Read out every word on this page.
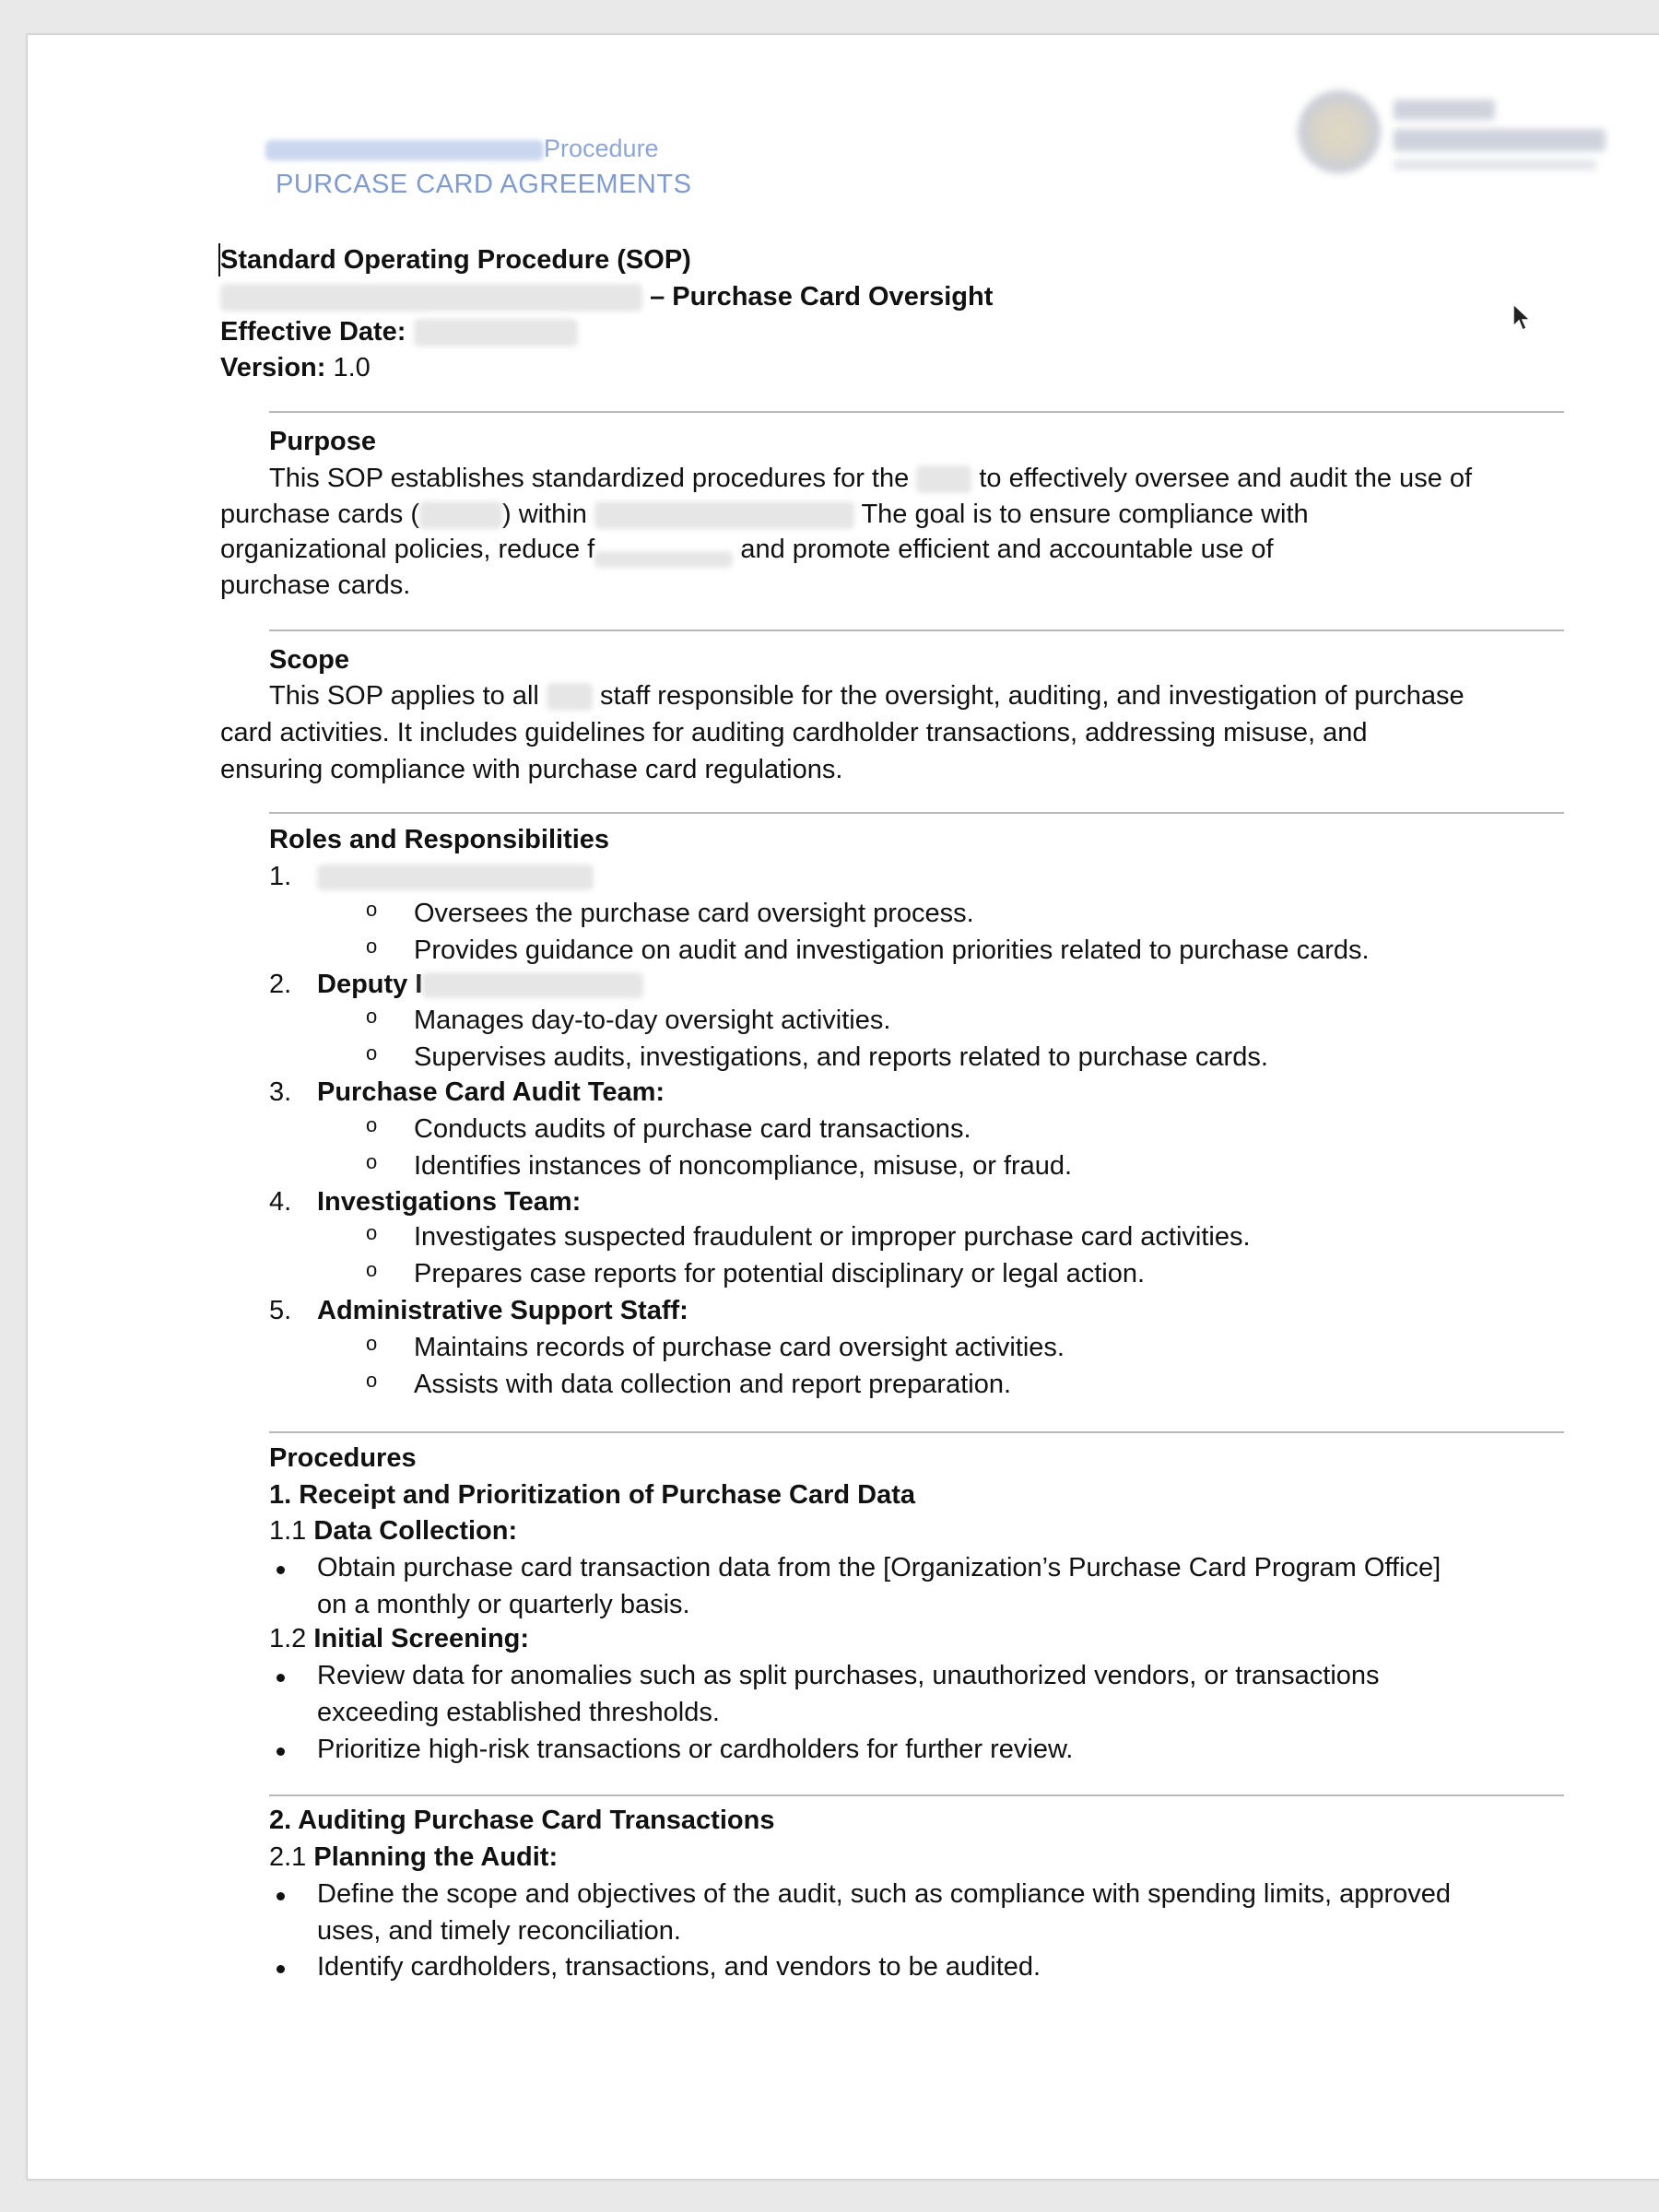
Procedure
PURCASE CARD AGREEMENTS
Standard Operating Procedure (SOP)
– Purchase Card Oversight
Effective Date:
Version: 1.0
Purpose
This SOP establishes standardized procedures for the	to effectively oversee and audit the use of
purchase cards (	) within	The goal is to ensure compliance with
organizational policies, reduce f	and promote efficient and accountable use of
purchase cards.
Scope
This SOP applies to all staff responsible for the oversight, auditing, and investigation of purchase
card activities. It includes guidelines for auditing cardholder transactions, addressing misuse, and
ensuring compliance with purchase card regulations.
Roles and Responsibilities
1.
o Oversees the purchase card oversight process.
o Provides guidance on audit and investigation priorities related to purchase cards.
2. Deputy I
o Manages day-to-day oversight activities.
o Supervises audits, investigations, and reports related to purchase cards.
3. Purchase Card Audit Team:
o Conducts audits of purchase card transactions.
o Identifies instances of noncompliance, misuse, or fraud.
4. Investigations Team:
o Investigates suspected fraudulent or improper purchase card activities.
o Prepares case reports for potential disciplinary or legal action.
5. Administrative Support Staff:
o Maintains records of purchase card oversight activities.
o Assists with data collection and report preparation.
Procedures
1. Receipt and Prioritization of Purchase Card Data
1.1 Data Collection:
Obtain purchase card transaction data from the [Organization’s Purchase Card Program Office]
on a monthly or quarterly basis.
1.2 Initial Screening:
Review data for anomalies such as split purchases, unauthorized vendors, or transactions
exceeding established thresholds.
Prioritize high-risk transactions or cardholders for further review.
2. Auditing Purchase Card Transactions
2.1 Planning the Audit:
Define the scope and objectives of the audit, such as compliance with spending limits, approved
uses, and timely reconciliation.
Identify cardholders, transactions, and vendors to be audited.
